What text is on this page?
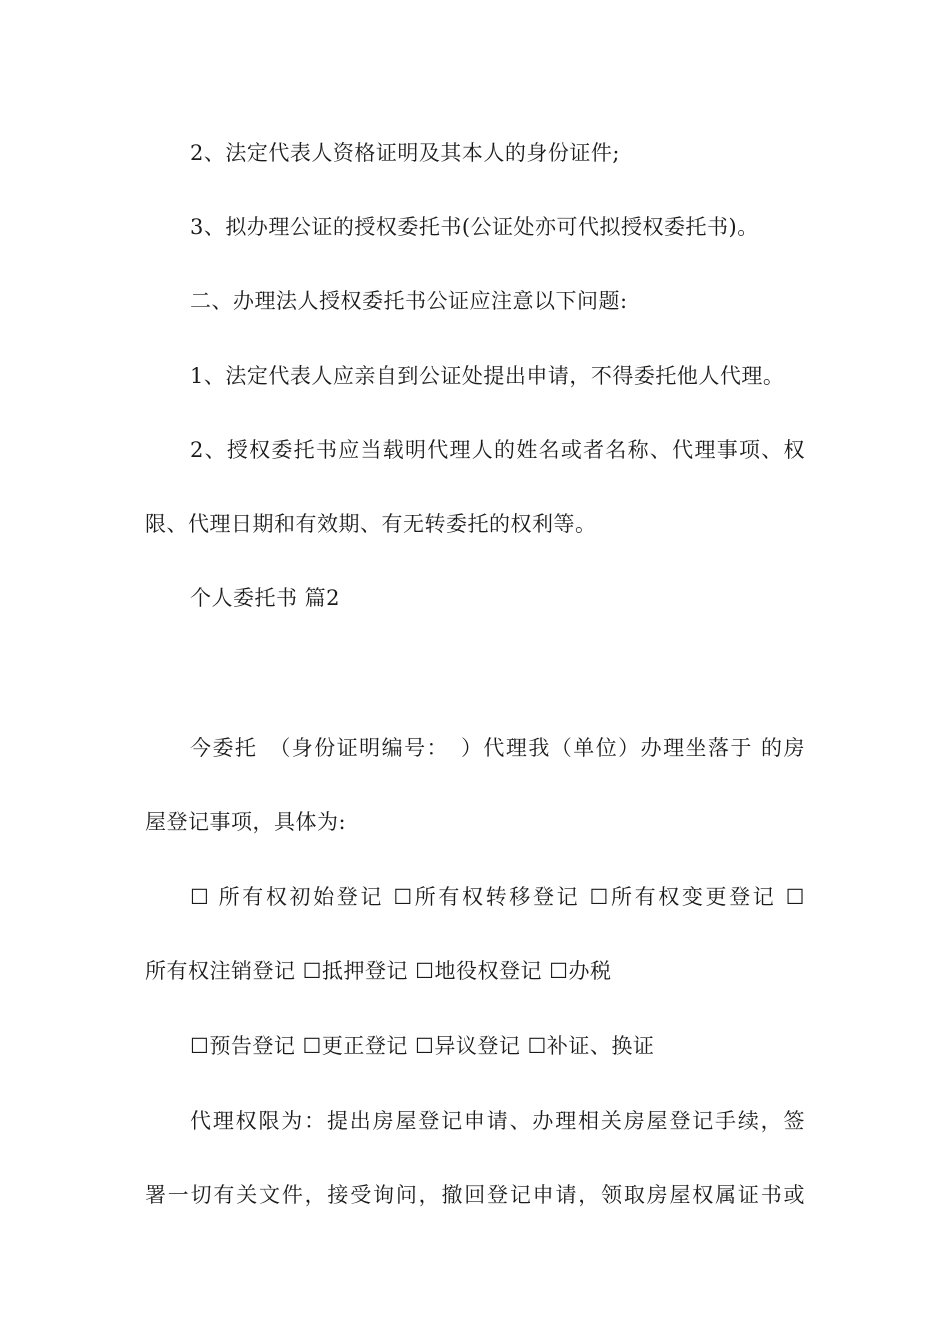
2、法定代表人资格证明及其本人的身份证件;
3、拟办理公证的授权委托书(公证处亦可代拟授权委托书)。
二、办理法人授权委托书公证应注意以下问题:
1、法定代表人应亲自到公证处提出申请，不得委托他人代理。
2、授权委托书应当载明代理人的姓名或者名称、代理事项、权
限、代理日期和有效期、有无转委托的权利等。
个人委托书 篇2
今委托　（身份证明编号：　）代理我（单位）办理坐落于 的房
屋登记事项，具体为:
☐ 所有权初始登记 ☐所有权转移登记 ☐所有权变更登记 ☐
所有权注销登记 ☐抵押登记 ☐地役权登记 ☐办税
☐预告登记 ☐更正登记 ☐异议登记 ☐补证、换证
代理权限为：提出房屋登记申请、办理相关房屋登记手续，签
署一切有关文件，接受询问，撤回登记申请，领取房屋权属证书或
